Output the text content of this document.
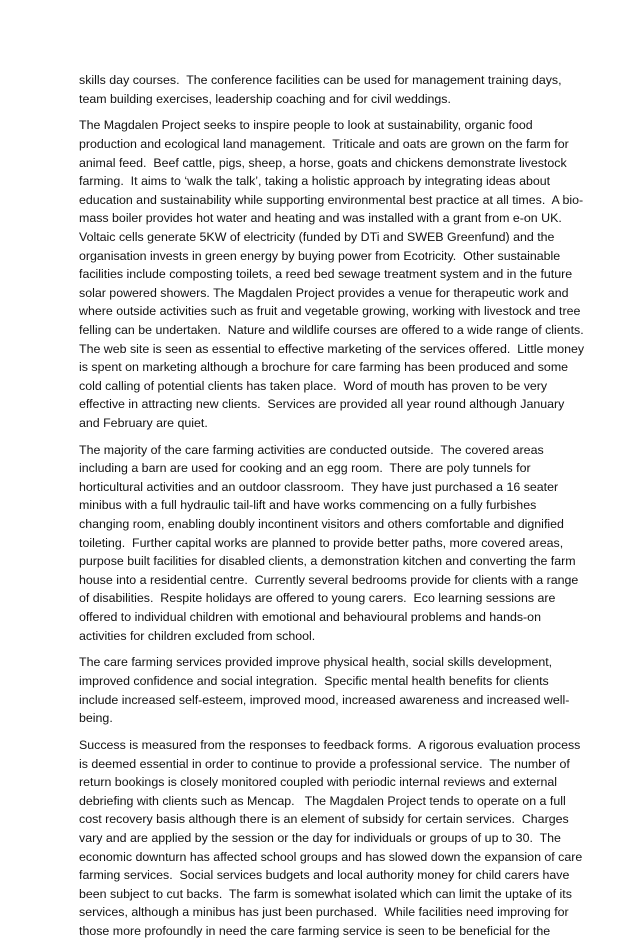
skills day courses.  The conference facilities can be used for management training days,
team building exercises, leadership coaching and for civil weddings.

The Magdalen Project seeks to inspire people to look at sustainability, organic food
production and ecological land management.  Triticale and oats are grown on the farm for
animal feed.  Beef cattle, pigs, sheep, a horse, goats and chickens demonstrate livestock
farming.  It aims to ‘walk the talk’, taking a holistic approach by integrating ideas about
education and sustainability while supporting environmental best practice at all times.  A bio-
mass boiler provides hot water and heating and was installed with a grant from e-on UK.
Voltaic cells generate 5KW of electricity (funded by DTi and SWEB Greenfund) and the
organisation invests in green energy by buying power from Ecotricity.  Other sustainable
facilities include composting toilets, a reed bed sewage treatment system and in the future
solar powered showers. The Magdalen Project provides a venue for therapeutic work and
where outside activities such as fruit and vegetable growing, working with livestock and tree
felling can be undertaken.  Nature and wildlife courses are offered to a wide range of clients.
The web site is seen as essential to effective marketing of the services offered.  Little money
is spent on marketing although a brochure for care farming has been produced and some
cold calling of potential clients has taken place.  Word of mouth has proven to be very
effective in attracting new clients.  Services are provided all year round although January
and February are quiet.

The majority of the care farming activities are conducted outside.  The covered areas
including a barn are used for cooking and an egg room.  There are poly tunnels for
horticultural activities and an outdoor classroom.  They have just purchased a 16 seater
minibus with a full hydraulic tail-lift and have works commencing on a fully furbishes
changing room, enabling doubly incontinent visitors and others comfortable and dignified
toileting.  Further capital works are planned to provide better paths, more covered areas,
purpose built facilities for disabled clients, a demonstration kitchen and converting the farm
house into a residential centre.  Currently several bedrooms provide for clients with a range
of disabilities.  Respite holidays are offered to young carers.  Eco learning sessions are
offered to individual children with emotional and behavioural problems and hands-on
activities for children excluded from school.

The care farming services provided improve physical health, social skills development,
improved confidence and social integration.  Specific mental health benefits for clients
include increased self-esteem, improved mood, increased awareness and increased well-
being.

Success is measured from the responses to feedback forms.  A rigorous evaluation process
is deemed essential in order to continue to provide a professional service.  The number of
return bookings is closely monitored coupled with periodic internal reviews and external
debriefing with clients such as Mencap.   The Magdalen Project tends to operate on a full
cost recovery basis although there is an element of subsidy for certain services.  Charges
vary and are applied by the session or the day for individuals or groups of up to 30.  The
economic downturn has affected school groups and has slowed down the expansion of care
farming services.  Social services budgets and local authority money for child carers have
been subject to cut backs.  The farm is somewhat isolated which can limit the uptake of its
services, although a minibus has just been purchased.  While facilities need improving for
those more profoundly in need the care farming service is seen to be beneficial for the
